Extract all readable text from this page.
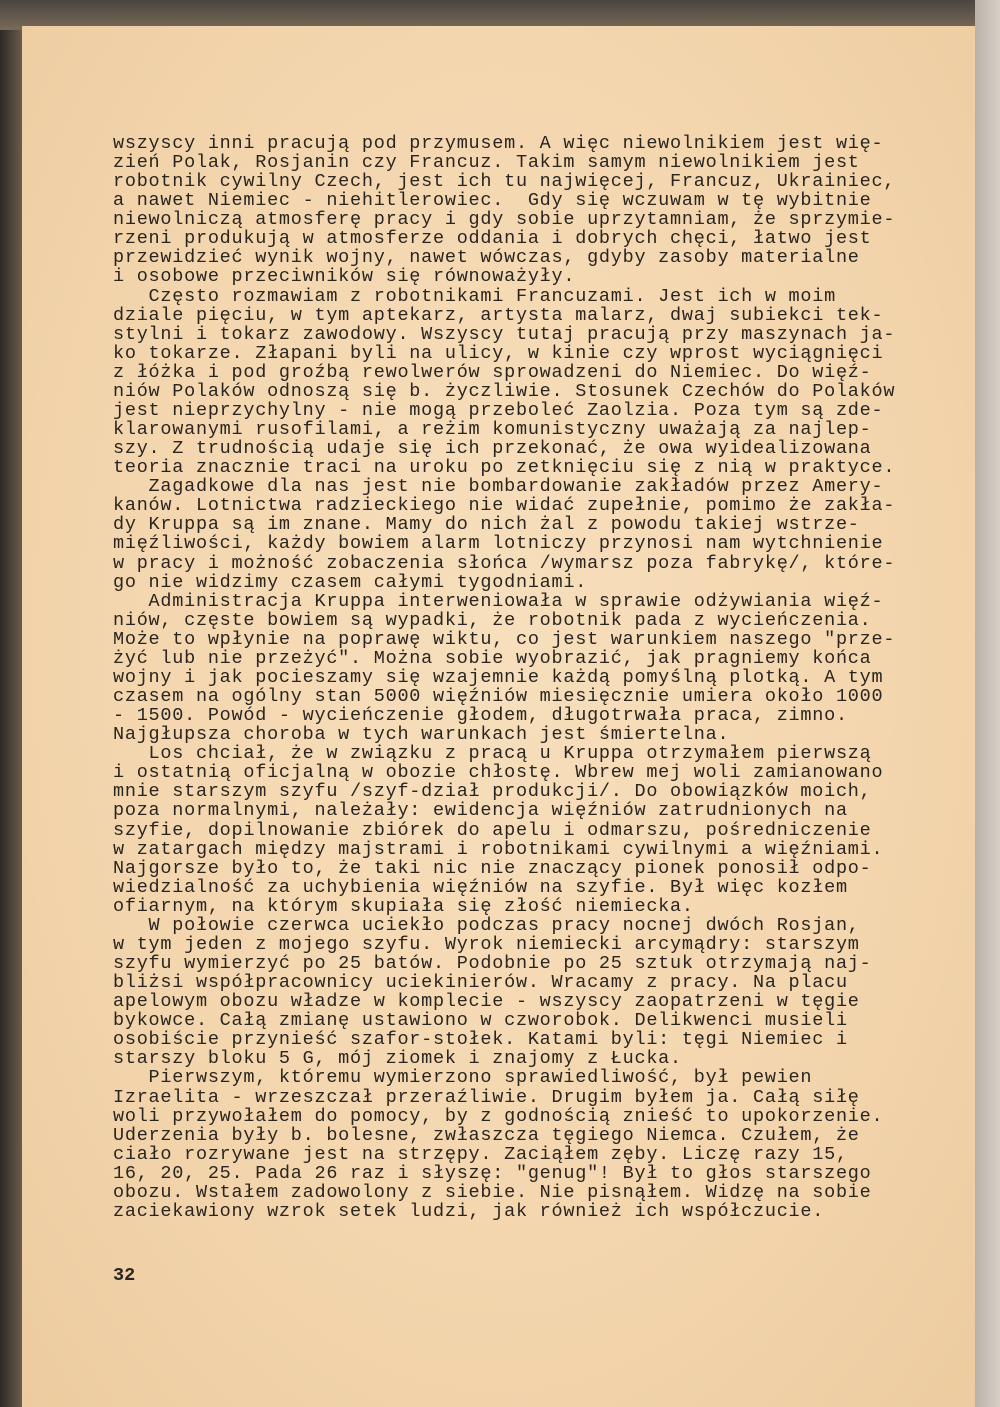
wszyscy inni pracują pod przymusem. A więc niewolnikiem jest wię-
zień Polak, Rosjanin czy Francuz. Takim samym niewolnikiem jest
robotnik cywilny Czech, jest ich tu najwięcej, Francuz, Ukrainiec,
a nawet Niemiec - niehitlerowiec.  Gdy się wczuwam w tę wybitnie
niewolniczą atmosferę pracy i gdy sobie uprzytamniam, że sprzymie-
rzeni produkują w atmosferze oddania i dobrych chęci, łatwo jest
przewidzieć wynik wojny, nawet wówczas, gdyby zasoby materialne
i osobowe przeciwników się równoważyły.
Często rozmawiam z robotnikami Francuzami. Jest ich w moim
dziale pięciu, w tym aptekarz, artysta malarz, dwaj subiekci tek-
stylni i tokarz zawodowy. Wszyscy tutaj pracują przy maszynach ja-
ko tokarze. Złapani byli na ulicy, w kinie czy wprost wyciągnięci
z łóżka i pod groźbą rewolwerów sprowadzeni do Niemiec. Do więź-
niów Polaków odnoszą się b. życzliwie. Stosunek Czechów do Polaków
jest nieprzychylny - nie mogą przeboleć Zaolzia. Poza tym są zde-
klarowanymi rusofilami, a reżim komunistyczny uważają za najlep-
szy. Z trudnością udaje się ich przekonać, że owa wyidealizowana
teoria znacznie traci na uroku po zetknięciu się z nią w praktyce.
Zagadkowe dla nas jest nie bombardowanie zakładów przez Amery-
kanów. Lotnictwa radzieckiego nie widać zupełnie, pomimo że zakła-
dy Kruppa są im znane. Mamy do nich żal z powodu takiej wstrze-
mięźliwości, każdy bowiem alarm lotniczy przynosi nam wytchnienie
w pracy i możność zobaczenia słońca /wymarsz poza fabrykę/, które-
go nie widzimy czasem całymi tygodniami.
Administracja Kruppa interweniowała w sprawie odżywiania więź-
niów, częste bowiem są wypadki, że robotnik pada z wycieńczenia.
Może to wpłynie na poprawę wiktu, co jest warunkiem naszego "prze-
żyć lub nie przeżyć". Można sobie wyobrazić, jak pragniemy końca
wojny i jak pocieszamy się wzajemnie każdą pomyślną plotką. A tym
czasem na ogólny stan 5000 więźniów miesięcznie umiera około 1000
- 1500. Powód - wycieńczenie głodem, długotrwała praca, zimno.
Najgłupsza choroba w tych warunkach jest śmiertelna.
Los chciał, że w związku z pracą u Kruppa otrzymałem pierwszą
i ostatnią oficjalną w obozie chłostę. Wbrew mej woli zamianowano
mnie starszym szyfu /szyf-dział produkcji/. Do obowiązków moich,
poza normalnymi, należały: ewidencja więźniów zatrudnionych na
szyfie, dopilnowanie zbiórek do apelu i odmarszu, pośredniczenie
w zatargach między majstrami i robotnikami cywilnymi a więźniami.
Najgorsze było to, że taki nic nie znaczący pionek ponosił odpo-
wiedzialność za uchybienia więźniów na szyfie. Był więc kozłem
ofiarnym, na którym skupiała się złość niemiecka.
W połowie czerwca uciekło podczas pracy nocnej dwóch Rosjan,
w tym jeden z mojego szyfu. Wyrok niemiecki arcymądry: starszym
szyfu wymierzyć po 25 batów. Podobnie po 25 sztuk otrzymają naj-
bliżsi współpracownicy uciekinierów. Wracamy z pracy. Na placu
apelowym obozu władze w komplecie - wszyscy zaopatrzeni w tęgie
bykowce. Całą zmianę ustawiono w czworobok. Delikwenci musieli
osobiście przynieść szafor-stołek. Katami byli: tęgi Niemiec i
starszy bloku 5 G, mój ziomek i znajomy z Łucka.
Pierwszym, któremu wymierzono sprawiedliwość, był pewien
Izraelita - wrzeszczał przeraźliwie. Drugim byłem ja. Całą siłę
woli przywołałem do pomocy, by z godnością znieść to upokorzenie.
Uderzenia były b. bolesne, zwłaszcza tęgiego Niemca. Czułem, że
ciało rozrywane jest na strzępy. Zaciąłem zęby. Liczę razy 15,
16, 20, 25. Pada 26 raz i słyszę: "genug"! Był to głos starszego
obozu. Wstałem zadowolony z siebie. Nie pisnąłem. Widzę na sobie
zaciekawiony wzrok setek ludzi, jak również ich współczucie.
32
